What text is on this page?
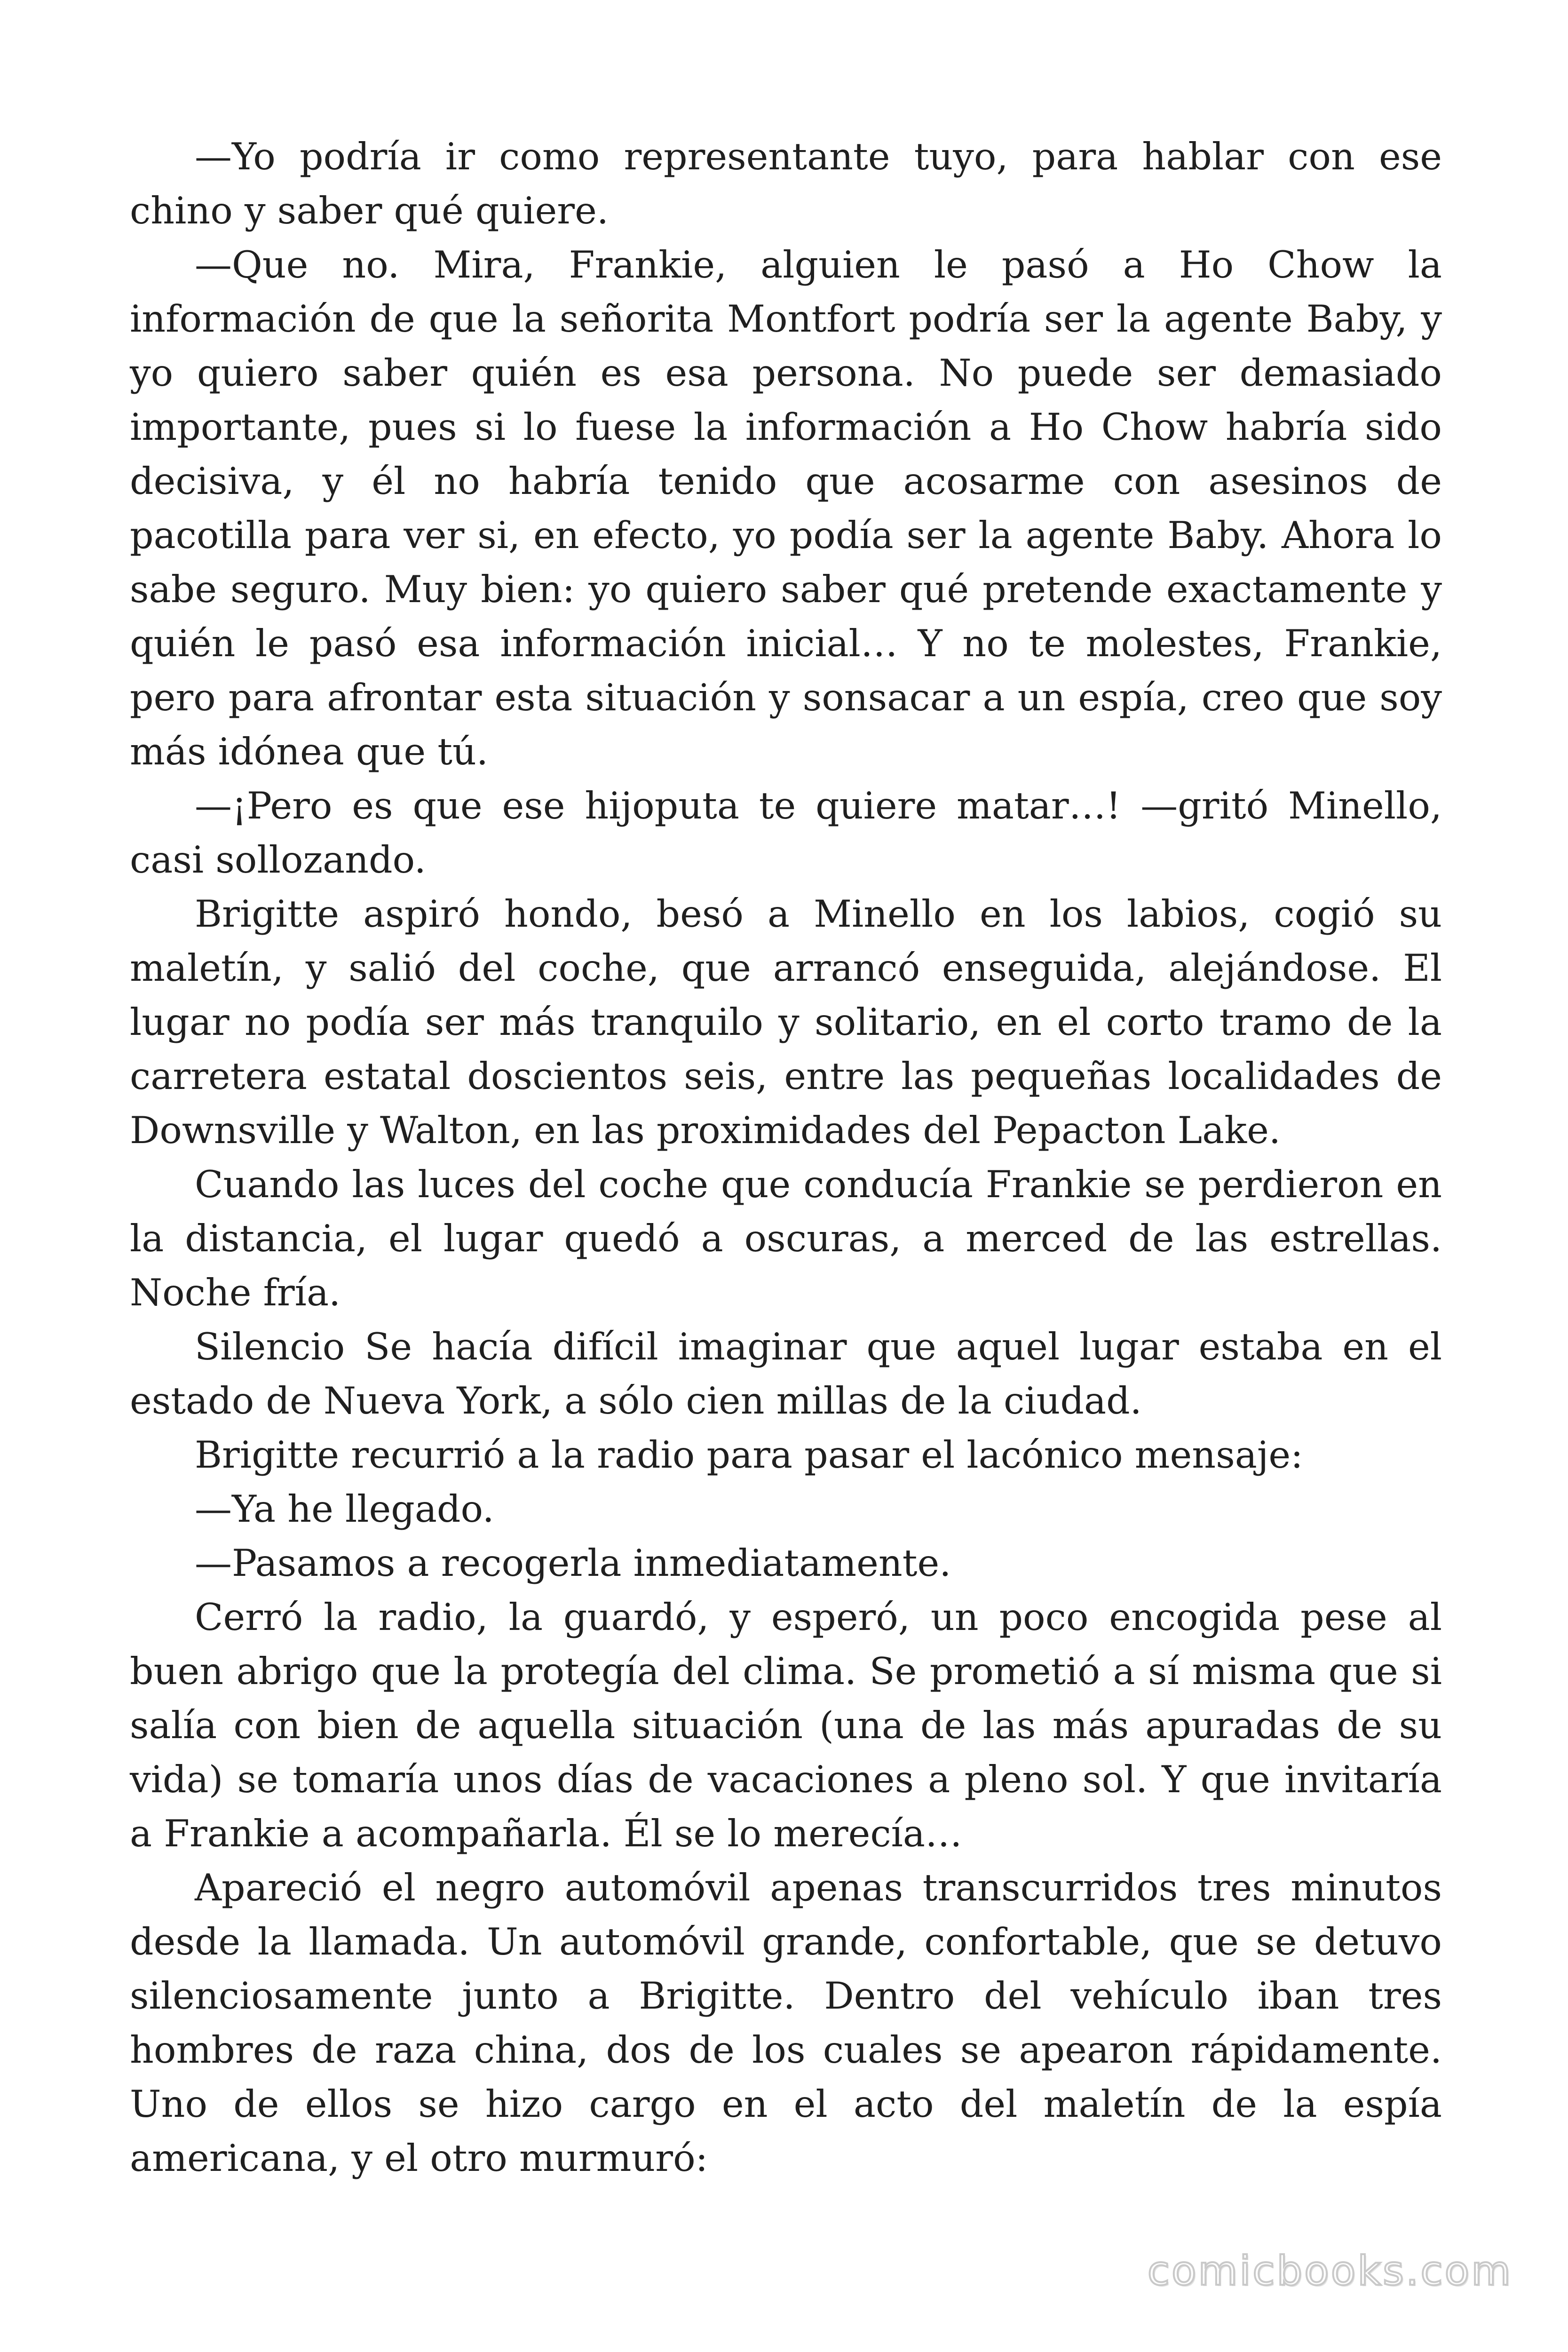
—Yo podría ir como representante tuyo, para hablar con ese chino y saber qué quiere.

—Que no. Mira, Frankie, alguien le pasó a Ho Chow la información de que la señorita Montfort podría ser la agente Baby, y yo quiero saber quién es esa persona. No puede ser demasiado importante, pues si lo fuese la información a Ho Chow habría sido decisiva, y él no habría tenido que acosarme con asesinos de pacotilla para ver si, en efecto, yo podía ser la agente Baby. Ahora lo sabe seguro. Muy bien: yo quiero saber qué pretende exactamente y quién le pasó esa información inicial… Y no te molestes, Frankie, pero para afrontar esta situación y sonsacar a un espía, creo que soy más idónea que tú.

—¡Pero es que ese hijoputa te quiere matar…! —gritó Minello, casi sollozando.

Brigitte aspiró hondo, besó a Minello en los labios, cogió su maletín, y salió del coche, que arrancó enseguida, alejándose. El lugar no podía ser más tranquilo y solitario, en el corto tramo de la carretera estatal doscientos seis, entre las pequeñas localidades de Downsville y Walton, en las proximidades del Pepacton Lake.

Cuando las luces del coche que conducía Frankie se perdieron en la distancia, el lugar quedó a oscuras, a merced de las estrellas. Noche fría.

Silencio Se hacía difícil imaginar que aquel lugar estaba en el estado de Nueva York, a sólo cien millas de la ciudad.

Brigitte recurrió a la radio para pasar el lacónico mensaje:

—Ya he llegado.

—Pasamos a recogerla inmediatamente.

Cerró la radio, la guardó, y esperó, un poco encogida pese al buen abrigo que la protegía del clima. Se prometió a sí misma que si salía con bien de aquella situación (una de las más apuradas de su vida) se tomaría unos días de vacaciones a pleno sol. Y que invitaría a Frankie a acompañarla. Él se lo merecía…

Apareció el negro automóvil apenas transcurridos tres minutos desde la llamada. Un automóvil grande, confortable, que se detuvo silenciosamente junto a Brigitte. Dentro del vehículo iban tres hombres de raza china, dos de los cuales se apearon rápidamente. Uno de ellos se hizo cargo en el acto del maletín de la espía americana, y el otro murmuró:

comicbooks.com
